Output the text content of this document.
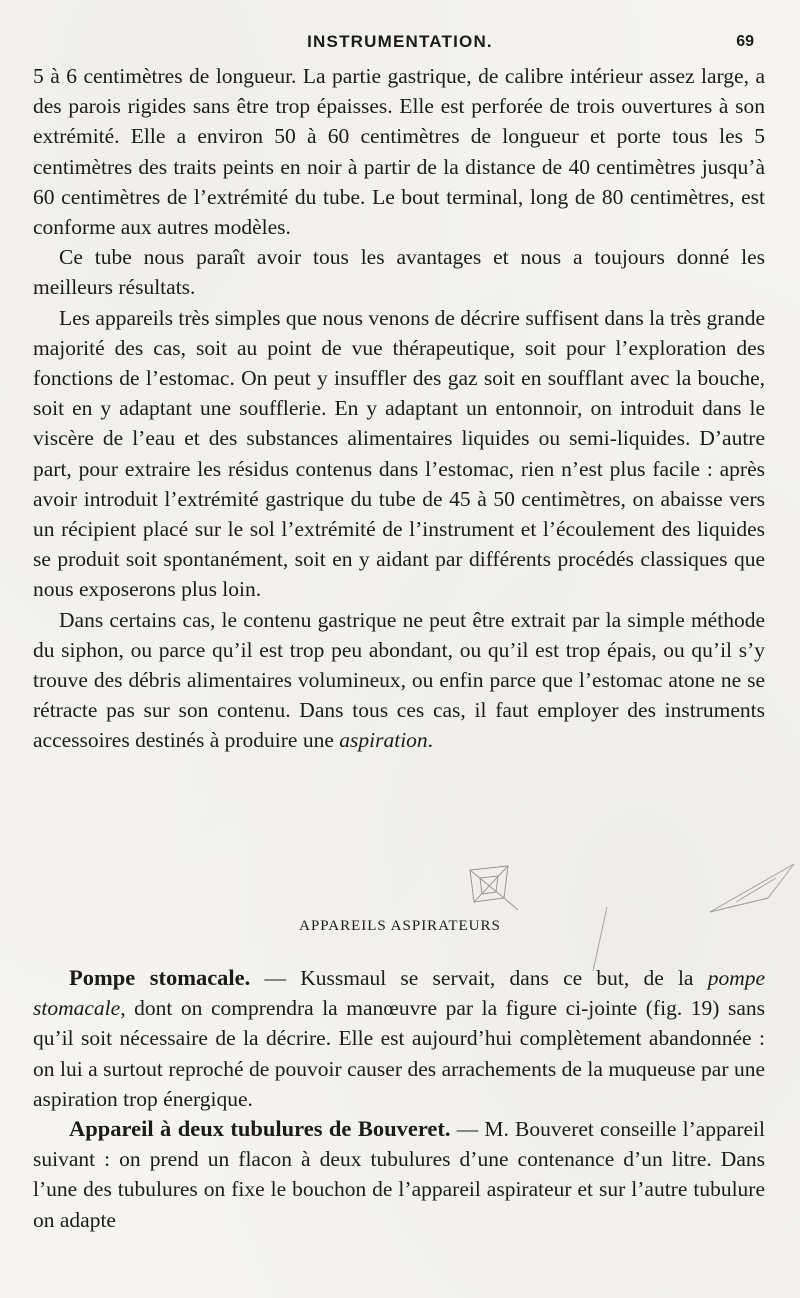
INSTRUMENTATION.	69

5 à 6 centimètres de longueur. La partie gastrique, de calibre intérieur assez large, a des parois rigides sans être trop épaisses. Elle est perforée de trois ouvertures à son extrémité. Elle a environ 50 à 60 centimètres de longueur et porte tous les 5 centimètres des traits peints en noir à partir de la distance de 40 centimètres jusqu’à 60 centimètres de l’extrémité du tube. Le bout terminal, long de 80 centimètres, est conforme aux autres modèles.

Ce tube nous paraît avoir tous les avantages et nous a toujours donné les meilleurs résultats.

Les appareils très simples que nous venons de décrire suffisent dans la très grande majorité des cas, soit au point de vue thérapeutique, soit pour l’exploration des fonctions de l’estomac. On peut y insuffler des gaz soit en soufflant avec la bouche, soit en y adaptant une soufflerie. En y adaptant un entonnoir, on introduit dans le viscère de l’eau et des substances alimentaires liquides ou semi-liquides. D’autre part, pour extraire les résidus contenus dans l’estomac, rien n’est plus facile : après avoir introduit l’extrémité gastrique du tube de 45 à 50 centimètres, on abaisse vers un récipient placé sur le sol l’extrémité de l’instrument et l’écoulement des liquides se produit soit spontanément, soit en y aidant par différents procédés classiques que nous exposerons plus loin.

Dans certains cas, le contenu gastrique ne peut être extrait par la simple méthode du siphon, ou parce qu’il est trop peu abondant, ou qu’il est trop épais, ou qu’il s’y trouve des débris alimentaires volumineux, ou enfin parce que l’estomac atone ne se rétracte pas sur son contenu. Dans tous ces cas, il faut employer des instruments accessoires destinés à produire une aspiration.

APPAREILS ASPIRATEURS

Pompe stomacale. — Kussmaul se servait, dans ce but, de la pompe stomacale, dont on comprendra la manœuvre par la figure ci-jointe (fig. 19) sans qu’il soit nécessaire de la décrire. Elle est aujourd’hui complètement abandonnée : on lui a surtout reproché de pouvoir causer des arrachements de la muqueuse par une aspiration trop énergique.

Appareil à deux tubulures de Bouveret. — M. Bouveret conseille l’appareil suivant : on prend un flacon à deux tubulures d’une contenance d’un litre. Dans l’une des tubulures on fixe le bouchon de l’appareil aspirateur et sur l’autre tubulure on adapte
